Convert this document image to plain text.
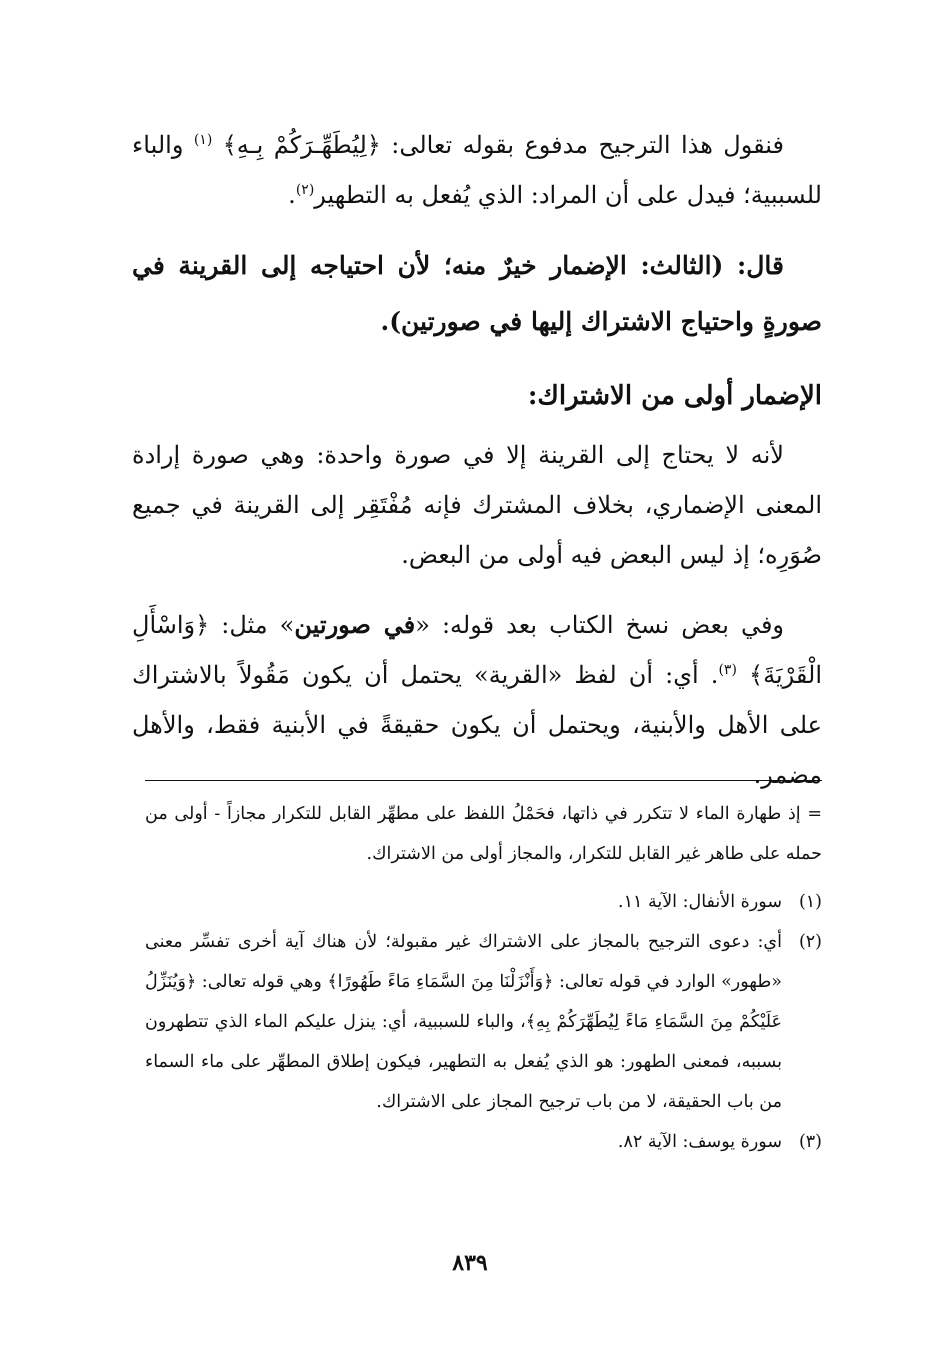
فنقول هذا الترجيح مدفوع بقوله تعالى: ﴿لِيُطَهِّـرَكُمْ بِـهِ﴾ $^{(١)}$ والباء للسببية؛ فيدل على أن المراد: الذي يُفعل به التطهير$^{(٢)}$.
قال: (الثالث: الإضمار خيرٌ منه؛ لأن احتياجه إلى القرينة في صورةٍ واحتياج الاشتراك إليها في صورتين).
الإضمار أولى من الاشتراك:
لأنه لا يحتاج إلى القرينة إلا في صورة واحدة: وهي صورة إرادة المعنى الإضماري، بخلاف المشترك فإنه مُفْتَقِر إلى القرينة في جميع صُوَرِه؛ إذ ليس البعض فيه أولى من البعض.
وفي بعض نسخ الكتاب بعد قوله: «في صورتين» مثل: ﴿وَاسْأَلِ الْقَرْيَةَ﴾ $^{(٣)}$. أي: أن لفظ «القرية» يحتمل أن يكون مَقُولاً بالاشتراك على الأهل والأبنية، ويحتمل أن يكون حقيقةً في الأبنية فقط، والأهل مضمر.
= إذ طهارة الماء لا تتكرر في ذاتها، فحَمْلُ اللفظ على مطهِّر القابل للتكرار مجازاً - أولى من حمله على طاهر غير القابل للتكرار، والمجاز أولى من الاشتراك.
(١)
سورة الأنفال: الآية ١١.
(٢)
أي: دعوى الترجيح بالمجاز على الاشتراك غير مقبولة؛ لأن هناك آية أخرى تفسِّر معنى «طهور» الوارد في قوله تعالى: ﴿وَأَنْزَلْنَا مِنَ السَّمَاءِ مَاءً طَهُورًا﴾ وهي قوله تعالى: ﴿وَيُنَزِّلُ عَلَيْكُمْ مِنَ السَّمَاءِ مَاءً لِيُطَهِّرَكُمْ بِهِ﴾، والباء للسببية، أي: ينزل عليكم الماء الذي تتطهرون بسببه، فمعنى الطهور: هو الذي يُفعل به التطهير، فيكون إطلاق المطهِّر على ماء السماء من باب الحقيقة، لا من باب ترجيح المجاز على الاشتراك.
(٣)
سورة يوسف: الآية ٨٢.
٨٣٩
